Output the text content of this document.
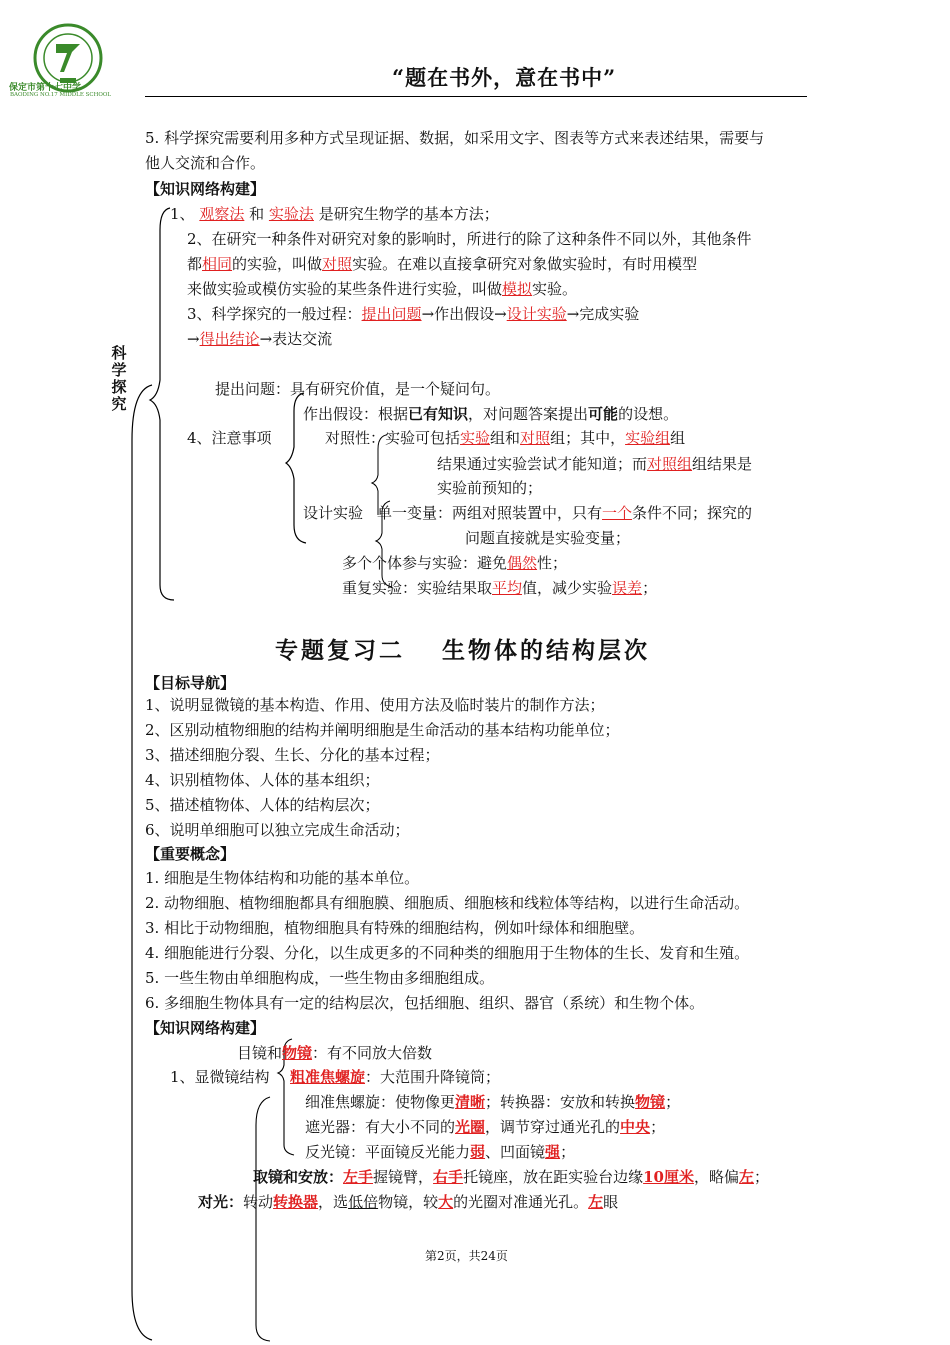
保定市第十七中学
BAODING NO.17 MIDDLE SCHOOL
“题在书外，意在书中”
5. 科学探究需要利用多种方式呈现证据、数据，如采用文字、图表等方式来表述结果，需要与
他人交流和合作。
【知识网络构建】
科学探究
1、 观察法 和 实验法 是研究生物学的基本方法；
2、在研究一种条件对研究对象的影响时，所进行的除了这种条件不同以外，其他条件
都相同的实验，叫做对照实验。在难以直接拿研究对象做实验时，有时用模型
来做实验或模仿实验的某些条件进行实验，叫做模拟实验。
3、科学探究的一般过程：提出问题→作出假设→设计实验→完成实验
→得出结论→表达交流
提出问题：具有研究价值，是一个疑问句。
作出假设：根据已有知识，对问题答案提出可能的设想。
4、注意事项	对照性：实验可包括实验组和对照组；其中，实验组组
结果通过实验尝试才能知道；而对照组组结果是
实验前预知的；
设计实验 单一变量：两组对照装置中，只有一个条件不同；探究的
问题直接就是实验变量；
多个个体参与实验：避免偶然性；
重复实验：实验结果取平均值，减少实验误差；
专题复习二　 生物体的结构层次
【目标导航】
1、说明显微镜的基本构造、作用、使用方法及临时装片的制作方法；
2、区别动植物细胞的结构并阐明细胞是生命活动的基本结构功能单位；
3、描述细胞分裂、生长、分化的基本过程；
4、识别植物体、人体的基本组织；
5、描述植物体、人体的结构层次；
6、说明单细胞可以独立完成生命活动；
【重要概念】
1. 细胞是生物体结构和功能的基本单位。
2. 动物细胞、植物细胞都具有细胞膜、细胞质、细胞核和线粒体等结构，以进行生命活动。
3. 相比于动物细胞，植物细胞具有特殊的细胞结构，例如叶绿体和细胞壁。
4. 细胞能进行分裂、分化，以生成更多的不同种类的细胞用于生物体的生长、发育和生殖。
5. 一些生物由单细胞构成，一些生物由多细胞组成。
6. 多细胞生物体具有一定的结构层次，包括细胞、组织、器官（系统）和生物个体。
【知识网络构建】
目镜和物镜：有不同放大倍数
1、显微镜结构 粗准焦螺旋：大范围升降镜筒；
细准焦螺旋：使物像更清晰；转换器：安放和转换物镜；
遮光器：有大小不同的光圈，调节穿过通光孔的中央；
反光镜：平面镜反光能力弱、凹面镜强；
取镜和安放：左手握镜臂，右手托镜座，放在距实验台边缘10厘米，略偏左；
对光：转动转换器，选低倍物镜，较大的光圈对准通光孔。左眼
第2页，共24页
